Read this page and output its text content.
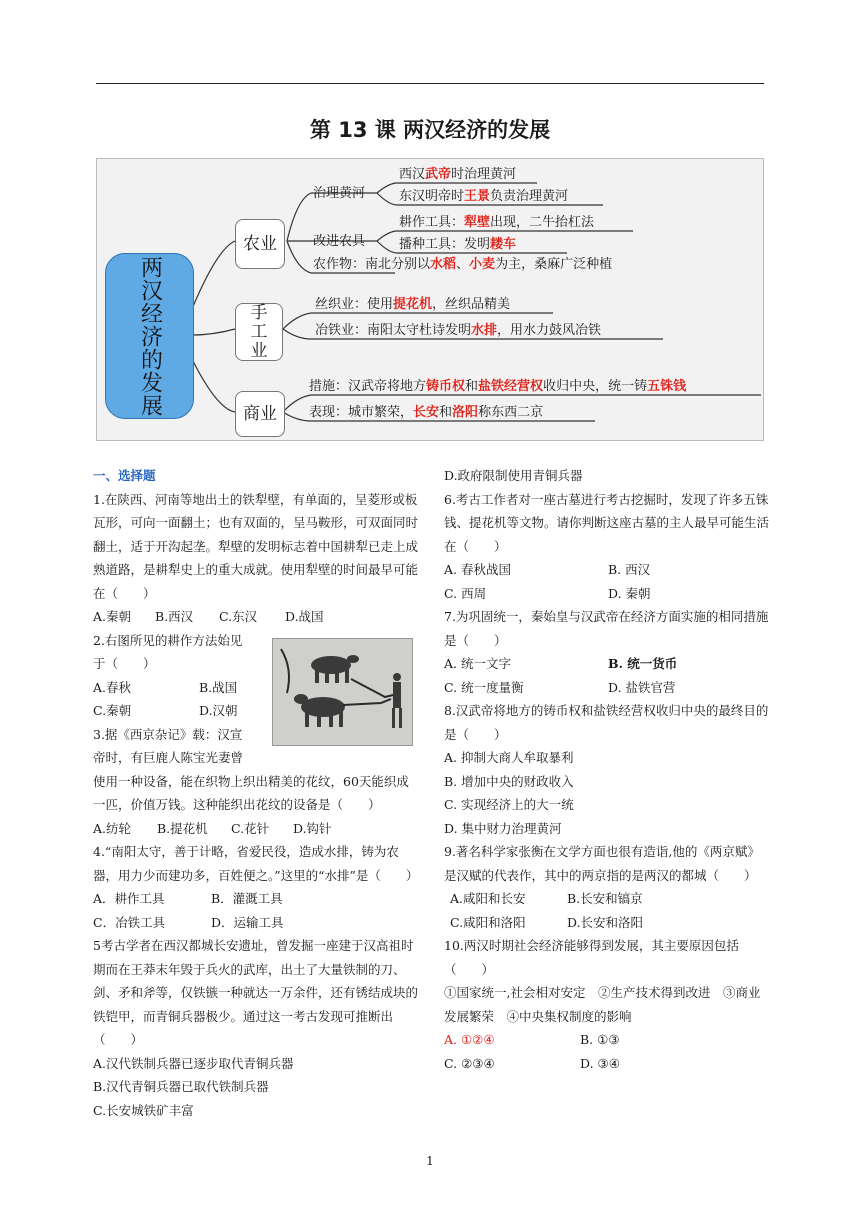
第 13 课 两汉经济的发展
两汉经济的发展
农业
手工业
商业
治理黄河
西汉武帝时治理黄河
东汉明帝时王景负责治理黄河
改进农具
耕作工具：犁壁出现，二牛抬杠法
播种工具：发明耧车
农作物：南北分别以水稻、小麦为主，桑麻广泛种植
丝织业：使用提花机，丝织品精美
冶铁业：南阳太守杜诗发明水排，用水力鼓风冶铁
措施：汉武帝将地方铸币权和盐铁经营权收归中央，统一铸五铢钱
表现：城市繁荣，长安和洛阳称东西二京

一、选择题

1.在陕西、河南等地出土的铁犁壁，有单面的，呈菱形或板瓦形，可向一面翻土；也有双面的，呈马鞍形，可双面同时翻土，适于开沟起垄。犁壁的发明标志着中国耕犁已走上成熟道路，是耕犁史上的重大成就。使用犁壁的时间最早可能在（　　）

A.秦朝	B.西汉	C.东汉	D.战国

2.右图所见的耕作方法始见

于（　　）

A.春秋	B.战国

C.秦朝	D.汉朝

3.据《西京杂记》载：汉宣

帝时，有巨鹿人陈宝光妻曾

使用一种设备，能在织物上织出精美的花纹，60天能织成一匹，价值万钱。这种能织出花纹的设备是（　　）

A.纺轮	B.提花机	C.花针	D.钩针

4.“南阳太守，善于计略，省爱民役，造成水排，铸为农器，用力少而建功多，百姓便之。”这里的“水排”是（　　）

A．耕作工具	B．灌溉工具

C．冶铁工具	D．运输工具

5考古学者在西汉都城长安遗址，曾发掘一座建于汉高祖时期而在王莽末年毁于兵火的武库，出土了大量铁制的刀、剑、矛和斧等，仅铁镞一种就达一万余件，还有锈结成块的铁铠甲，而青铜兵器极少。通过这一考古发现可推断出（　　）

A.汉代铁制兵器已逐步取代青铜兵器

B.汉代青铜兵器已取代铁制兵器

C.长安城铁矿丰富

D.政府限制使用青铜兵器

6.考古工作者对一座古墓进行考古挖掘时，发现了许多五铢钱、提花机等文物。请你判断这座古墓的主人最早可能生活在（　　）

A. 春秋战国	B. 西汉

C. 西周	D. 秦朝

7.为巩固统一，秦始皇与汉武帝在经济方面实施的相同措施是（　　）

A. 统一文字	B. 统一货币

C. 统一度量衡	D. 盐铁官营

8.汉武帝将地方的铸币权和盐铁经营权收归中央的最终目的是（　　）

A. 抑制大商人牟取暴利

B. 增加中央的财政收入

C. 实现经济上的大一统

D. 集中财力治理黄河

9.著名科学家张衡在文学方面也很有造诣,他的《两京赋》是汉赋的代表作，其中的两京指的是两汉的都城（　　）

A.咸阳和长安	B.长安和镐京

C.咸阳和洛阳	D.长安和洛阳

10.两汉时期社会经济能够得到发展，其主要原因包括（　　）

①国家统一,社会相对安定　②生产技术得到改进　③商业发展繁荣　④中央集权制度的影响

A. ①②④	B. ①③

C. ②③④	D. ③④

1
